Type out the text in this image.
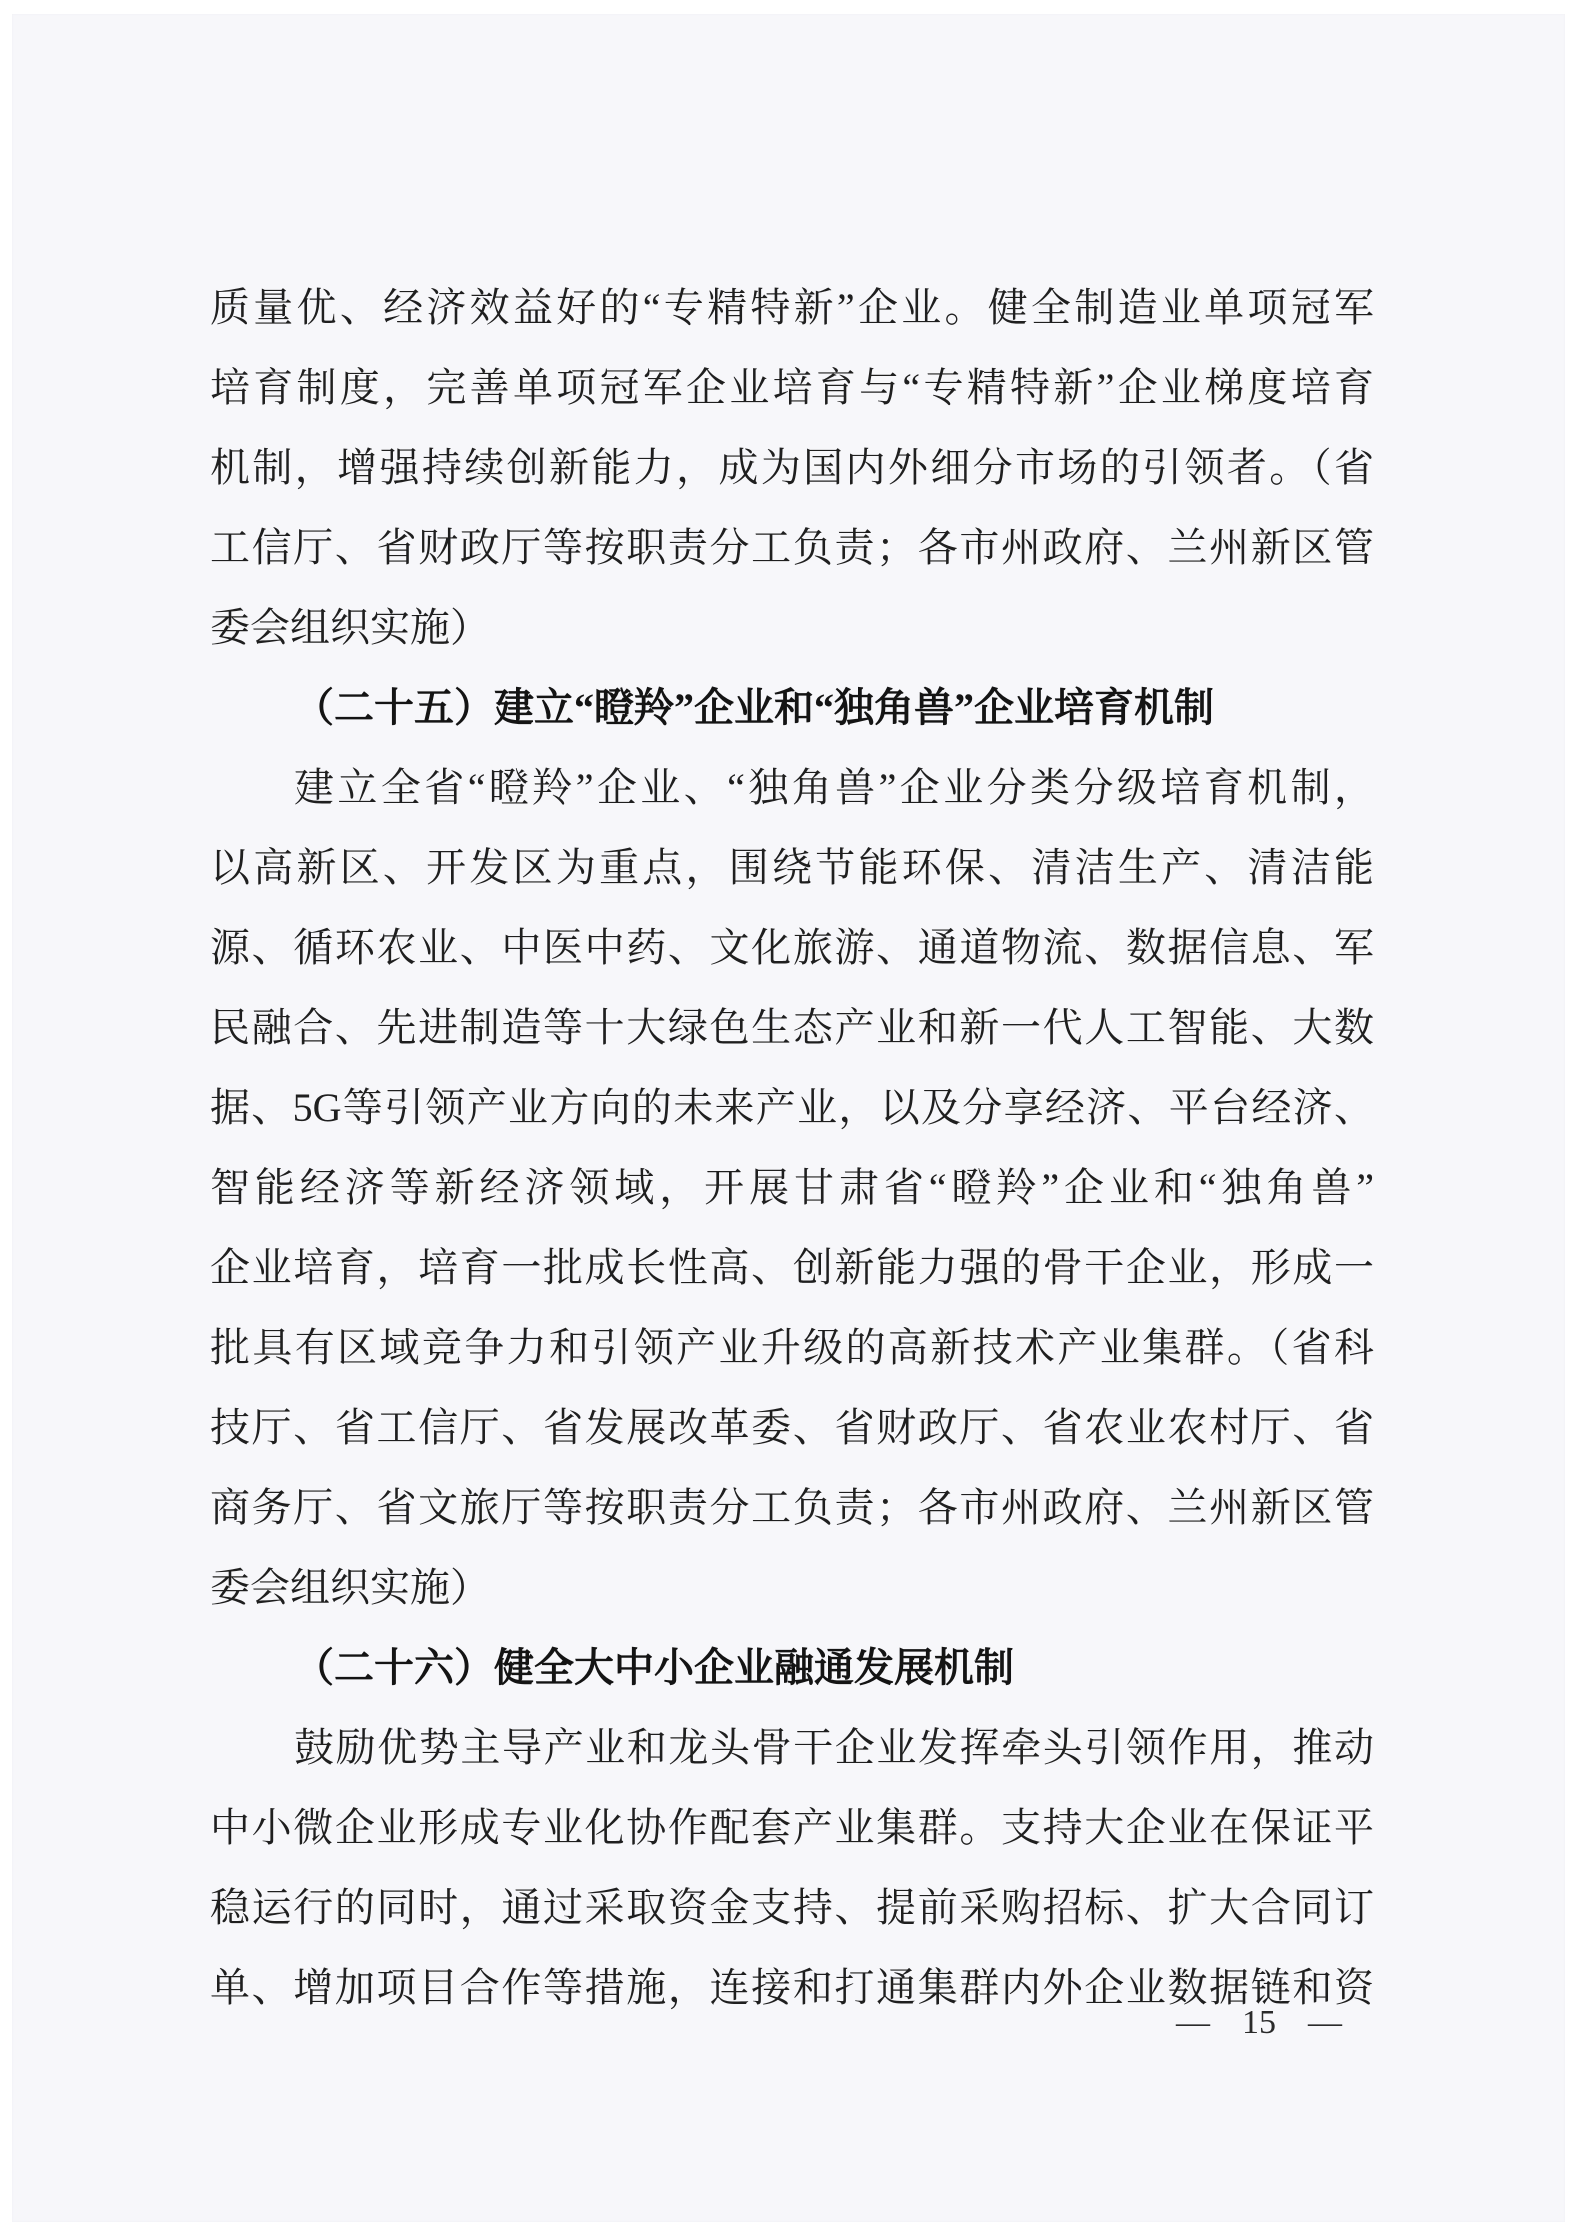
质量优、经济效益好的“专精特新”企业。健全制造业单项冠军
培育制度，完善单项冠军企业培育与“专精特新”企业梯度培育
机制，增强持续创新能力，成为国内外细分市场的引领者。（省
工信厅、省财政厅等按职责分工负责；各市州政府、兰州新区管
委会组织实施）
（二十五）建立“瞪羚”企业和“独角兽”企业培育机制
建立全省“瞪羚”企业、“独角兽”企业分类分级培育机制，
以高新区、开发区为重点，围绕节能环保、清洁生产、清洁能
源、循环农业、中医中药、文化旅游、通道物流、数据信息、军
民融合、先进制造等十大绿色生态产业和新一代人工智能、大数
据、5G等引领产业方向的未来产业，以及分享经济、平台经济、
智能经济等新经济领域，开展甘肃省“瞪羚”企业和“独角兽”
企业培育，培育一批成长性高、创新能力强的骨干企业，形成一
批具有区域竞争力和引领产业升级的高新技术产业集群。（省科
技厅、省工信厅、省发展改革委、省财政厅、省农业农村厅、省
商务厅、省文旅厅等按职责分工负责；各市州政府、兰州新区管
委会组织实施）
（二十六）健全大中小企业融通发展机制
鼓励优势主导产业和龙头骨干企业发挥牵头引领作用，推动
中小微企业形成专业化协作配套产业集群。支持大企业在保证平
稳运行的同时，通过采取资金支持、提前采购招标、扩大合同订
单、增加项目合作等措施，连接和打通集群内外企业数据链和资
— 15 —
